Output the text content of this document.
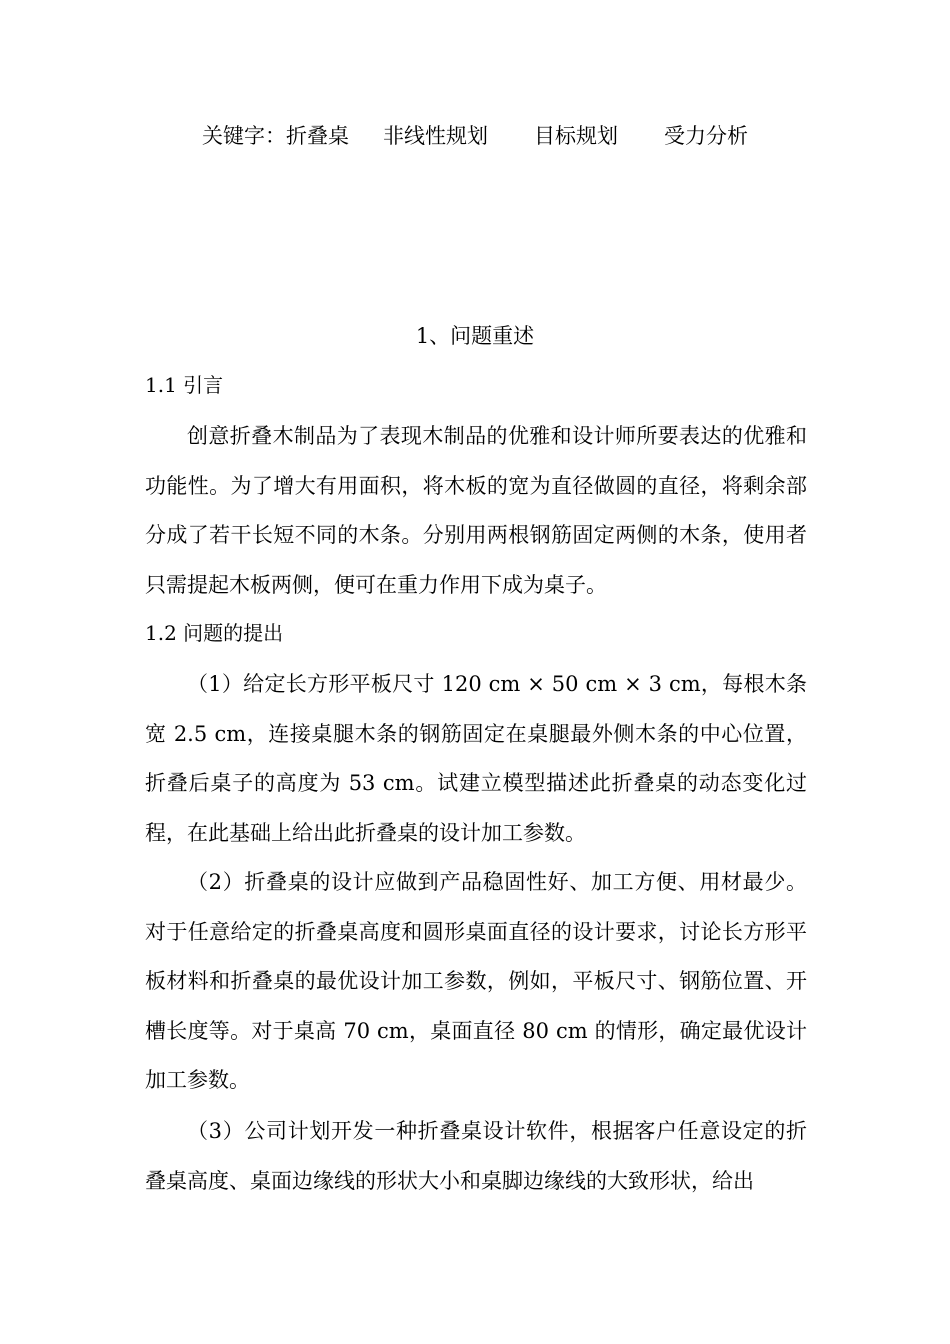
关键字：折叠桌 非线性规划 目标规划 受力分析
1、问题重述
1.1 引言

创意折叠木制品为了表现木制品的优雅和设计师所要表达的优雅和功能性。为了增大有用面积，将木板的宽为直径做圆的直径，将剩余部分成了若干长短不同的木条。分别用两根钢筋固定两侧的木条，使用者只需提起木板两侧，便可在重力作用下成为桌子。

1.2 问题的提出

（1）给定长方形平板尺寸 120 cm × 50 cm × 3 cm，每根木条宽 2.5 cm，连接桌腿木条的钢筋固定在桌腿最外侧木条的中心位置，折叠后桌子的高度为 53 cm。试建立模型描述此折叠桌的动态变化过程，在此基础上给出此折叠桌的设计加工参数。

（2）折叠桌的设计应做到产品稳固性好、加工方便、用材最少。对于任意给定的折叠桌高度和圆形桌面直径的设计要求，讨论长方形平板材料和折叠桌的最优设计加工参数，例如，平板尺寸、钢筋位置、开槽长度等。对于桌高 70 cm，桌面直径 80 cm 的情形，确定最优设计加工参数。

（3）公司计划开发一种折叠桌设计软件，根据客户任意设定的折叠桌高度、桌面边缘线的形状大小和桌脚边缘线的大致形状，给出
